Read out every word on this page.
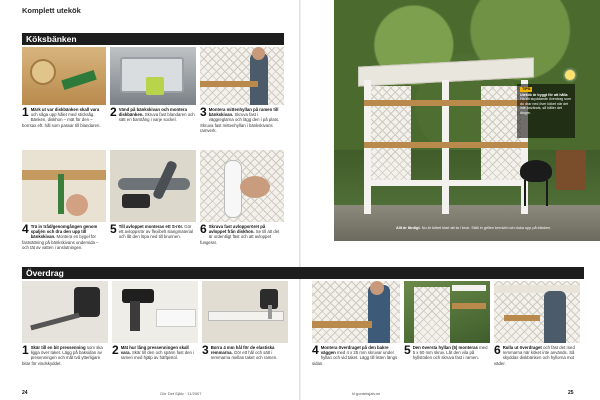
Komplett utekök
Köksbänken
1 Märk ut var diskbänken skall vara och såga upp hålet med sticksåg. Bänken, diskhon – mät för den – borrsax eft. hål som passar till blandaren.
2 Vänd på bänkskivan och montera diskbänken. Skruva fast blandaren och sätt en barstång i varje sockel.
3 Montera mittenhyllan på ramen till bänkskivan. Skruva fast i väggreglarna och lägg den i på plats. Skruva fast mittenhyllan i bänkskivans ramverk.
4 Trä in tråd/genomgången genom spaljén och dra den upp till bänkskivan. Montera en bygel för fastsättning på bänkskivans undersida – och tät av vatten i anslutningen.
5 Till avloppet monteras ett S-rör. Gör ett avloppsrör av flexibelt slangmaterial och låt den löpa ned till brunnen.
6 Skruva fast avloppsröret på avloppet från diskhon. Se till att det är ordentligt fäst och att avloppet fungerar.
TIPS
Utekök är byggt för att hålla
Ha ett skyddande överdrag som du drar ned över köket när det inte används, så håller det längre.
Allt är färdigt. Nu är köket klart att ta i bruk. Ställ in grillen bredvid och duka upp på bänken.
Överdrag
1 Skär till en bit pressenning som ska ligga över taket. Lägg på baksidan av presenningen och måt två ytterligare bitar för vindskyddet.
2 Mät hur lång pressenningen skall vara. Skär till den och spänn fast den i ramen med hjälp av häftpistol.
3 Borra 4 mm hål för de elastiska remmarna. Gör ett hål och sätt i remmarna mellan taket och ramen.
4 Montera överdraget på den bakre väggen med 4 x 25 mm skruvar under hyllan och vid taket. Lägg till listen längs sidan.
5 Den översta hyllan (5) monteras med 5 x 60 mm skruv. Låt den vila på hyllstöden och skruva fast i ramen.
6 Rulla ut överdraget och fäst det med remmarna när köket inte används. Så skyddas diskbänken och hyllorna mot väder.
24	Gör Det Själv · 11/2007	kl.gordetsjalv.se	25
